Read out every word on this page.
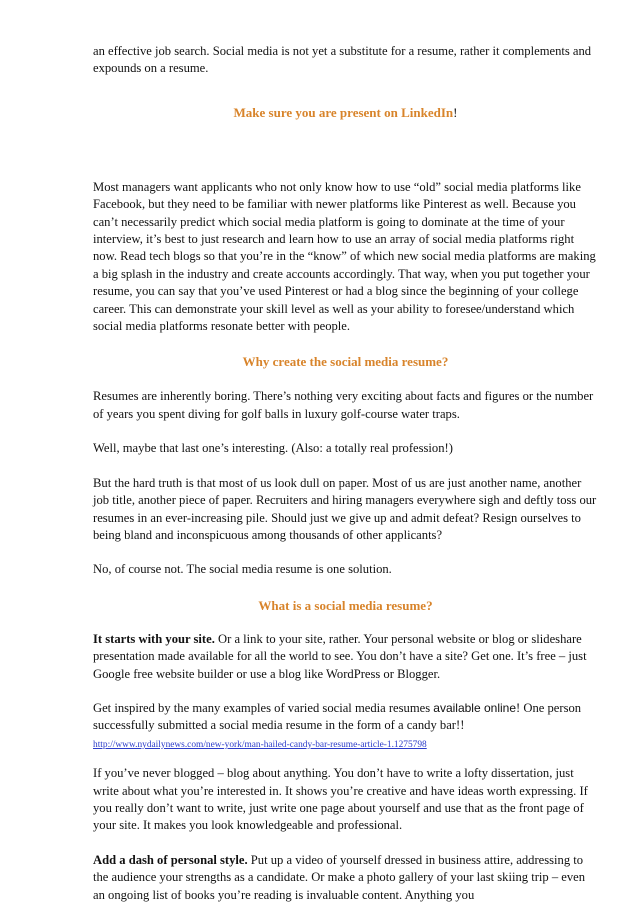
an effective job search. Social media is not yet a substitute for a resume, rather it complements and expounds on a resume.

Make sure you are present on LinkedIn!

Most managers want applicants who not only know how to use “old” social media platforms like Facebook, but they need to be familiar with newer platforms like Pinterest as well. Because you can’t necessarily predict which social media platform is going to dominate at the time of your interview, it’s best to just research and learn how to use an array of social media platforms right now. Read tech blogs so that you’re in the “know” of which new social media platforms are making a big splash in the industry and create accounts accordingly. That way, when you put together your resume, you can say that you’ve used Pinterest or had a blog since the beginning of your college career. This can demonstrate your skill level as well as your ability to foresee/understand which social media platforms resonate better with people.

Why create the social media resume?

Resumes are inherently boring. There’s nothing very exciting about facts and figures or the number of years you spent diving for golf balls in luxury golf-course water traps.

Well, maybe that last one’s interesting. (Also: a totally real profession!)

But the hard truth is that most of us look dull on paper. Most of us are just another name, another job title, another piece of paper. Recruiters and hiring managers everywhere sigh and deftly toss our resumes in an ever-increasing pile. Should just we give up and admit defeat? Resign ourselves to being bland and inconspicuous among thousands of other applicants?

No, of course not. The social media resume is one solution.

What is a social media resume?

It starts with your site. Or a link to your site, rather. Your personal website or blog or slideshare presentation made available for all the world to see. You don’t have a site? Get one. It’s free – just Google free website builder or use a blog like WordPress or Blogger.

Get inspired by the many examples of varied social media resumes available online! One person successfully submitted a social media resume in the form of a candy bar!!
http://www.nydailynews.com/new-york/man-hailed-candy-bar-resume-article-1.1275798

If you’ve never blogged – blog about anything. You don’t have to write a lofty dissertation, just write about what you’re interested in. It shows you’re creative and have ideas worth expressing. If you really don’t want to write, just write one page about yourself and use that as the front page of your site. It makes you look knowledgeable and professional.

Add a dash of personal style. Put up a video of yourself dressed in business attire, addressing to the audience your strengths as a candidate. Or make a photo gallery of your last skiing trip – even an ongoing list of books you’re reading is invaluable content. Anything you
